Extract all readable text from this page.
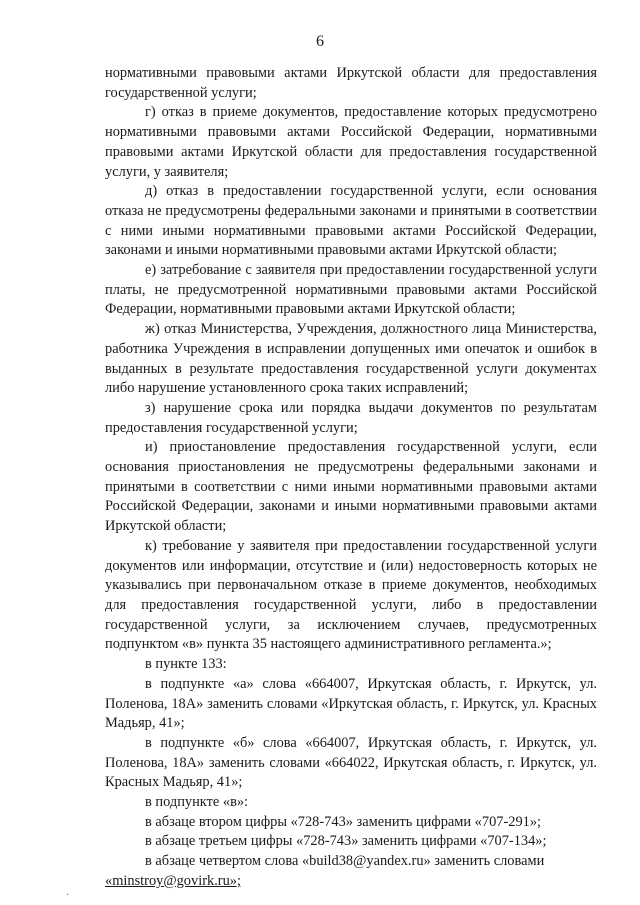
6

нормативными правовыми актами Иркутской области для предоставления государственной услуги;

г) отказ в приеме документов, предоставление которых предусмотрено нормативными правовыми актами Российской Федерации, нормативными правовыми актами Иркутской области для предоставления государственной услуги, у заявителя;

д) отказ в предоставлении государственной услуги, если основания отказа не предусмотрены федеральными законами и принятыми в соответствии с ними иными нормативными правовыми актами Российской Федерации, законами и иными нормативными правовыми актами Иркутской области;

е) затребование с заявителя при предоставлении государственной услуги платы, не предусмотренной нормативными правовыми актами Российской Федерации, нормативными правовыми актами Иркутской области;

ж) отказ Министерства, Учреждения, должностного лица Министерства, работника Учреждения в исправлении допущенных ими опечаток и ошибок в выданных в результате предоставления государственной услуги документах либо нарушение установленного срока таких исправлений;

з) нарушение срока или порядка выдачи документов по результатам предоставления государственной услуги;

и) приостановление предоставления государственной услуги, если основания приостановления не предусмотрены федеральными законами и принятыми в соответствии с ними иными нормативными правовыми актами Российской Федерации, законами и иными нормативными правовыми актами Иркутской области;

к) требование у заявителя при предоставлении государственной услуги документов или информации, отсутствие и (или) недостоверность которых не указывались при первоначальном отказе в приеме документов, необходимых для предоставления государственной услуги, либо в предоставлении государственной услуги, за исключением случаев, предусмотренных подпунктом «в» пункта 35 настоящего административного регламента.»;

в пункте 133:

в подпункте «а» слова «664007, Иркутская область, г. Иркутск, ул. Поленова, 18А» заменить словами «Иркутская область, г. Иркутск, ул. Красных Мадьяр, 41»;

в подпункте «б» слова «664007, Иркутская область, г. Иркутск, ул. Поленова, 18А» заменить словами «664022, Иркутская область, г. Иркутск, ул. Красных Мадьяр, 41»;

в подпункте «в»:

в абзаце втором цифры «728-743» заменить цифрами «707-291»;

в абзаце третьем цифры «728-743» заменить цифрами «707-134»;

в абзаце четвертом слова «build38@yandex.ru» заменить словами

«minstroy@govirk.ru»;

·
